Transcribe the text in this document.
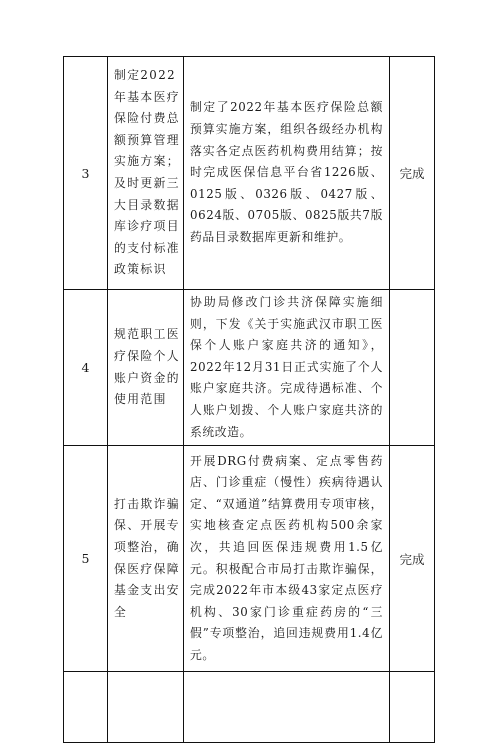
3	制定2022年基本医疗保险付费总额预算管理实施方案；及时更新三大目录数据库诊疗项目的支付标准政策标识	制定了2022年基本医疗保险总额预算实施方案，组织各级经办机构落实各定点医药机构费用结算；按时完成医保信息平台省1226版、0125版、0326版、0427版、0624版、0705版、0825版共7版药品目录数据库更新和维护。	完成
4	规范职工医疗保险个人账户资金的使用范围	协助局修改门诊共济保障实施细则，下发《关于实施武汉市职工医保个人账户家庭共济的通知》，2022年12月31日正式实施了个人账户家庭共济。完成待遇标准、个人账户划拨、个人账户家庭共济的系统改造。	
5	打击欺诈骗保、开展专项整治，确保医疗保障基金支出安全	开展DRG付费病案、定点零售药店、门诊重症（慢性）疾病待遇认定、“双通道”结算费用专项审核，实地核查定点医药机构500余家次，共追回医保违规费用1.5亿元。积极配合市局打击欺诈骗保，完成2022年市本级43家定点医疗机构、30家门诊重症药房的“三假”专项整治，追回违规费用1.4亿元。	完成
